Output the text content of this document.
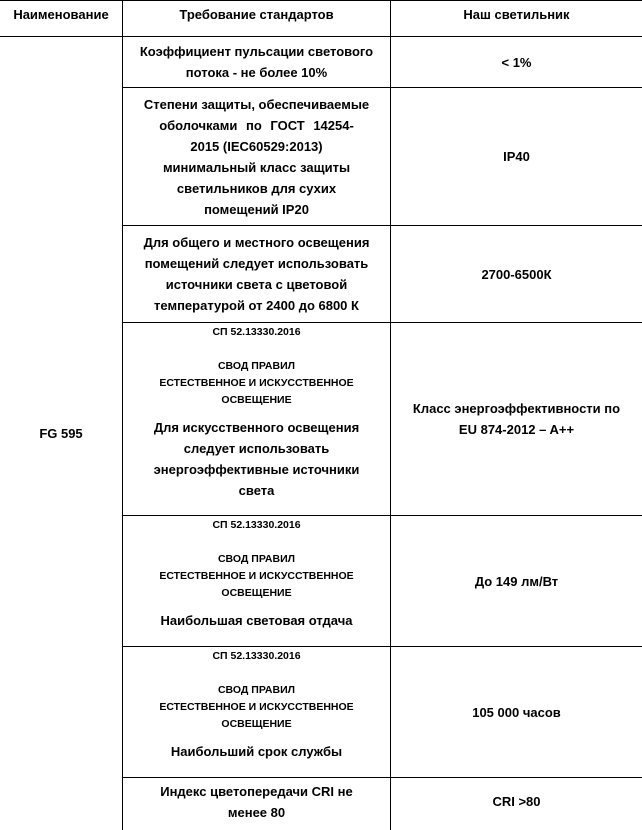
Наименование	Требование стандартов	Наш светильник
FG 595
Коэффициент пульсации светового
потока - не более 10%
< 1%
Степени защиты, обеспечиваемые
оболочками по ГОСТ 14254-
2015 (IEC60529:2013)
минимальный класс защиты
светильников для сухих
помещений IP20
IP40
Для общего и местного освещения
помещений следует использовать
источники света с цветовой
температурой от 2400 до 6800 К
2700-6500К
СП 52.13330.2016
СВОД ПРАВИЛ
ЕСТЕСТВЕННОЕ И ИСКУССТВЕННОЕ
ОСВЕЩЕНИЕ
Для искусственного освещения
следует использовать
энергоэффективные источники
света
Класс энергоэффективности по
EU 874-2012 – A++
СП 52.13330.2016
СВОД ПРАВИЛ
ЕСТЕСТВЕННОЕ И ИСКУССТВЕННОЕ
ОСВЕЩЕНИЕ
Наибольшая световая отдача
До 149 лм/Вт
СП 52.13330.2016
СВОД ПРАВИЛ
ЕСТЕСТВЕННОЕ И ИСКУССТВЕННОЕ
ОСВЕЩЕНИЕ
Наибольший срок службы
105 000 часов
Индекс цветопередачи CRI не
менее 80
CRI >80
